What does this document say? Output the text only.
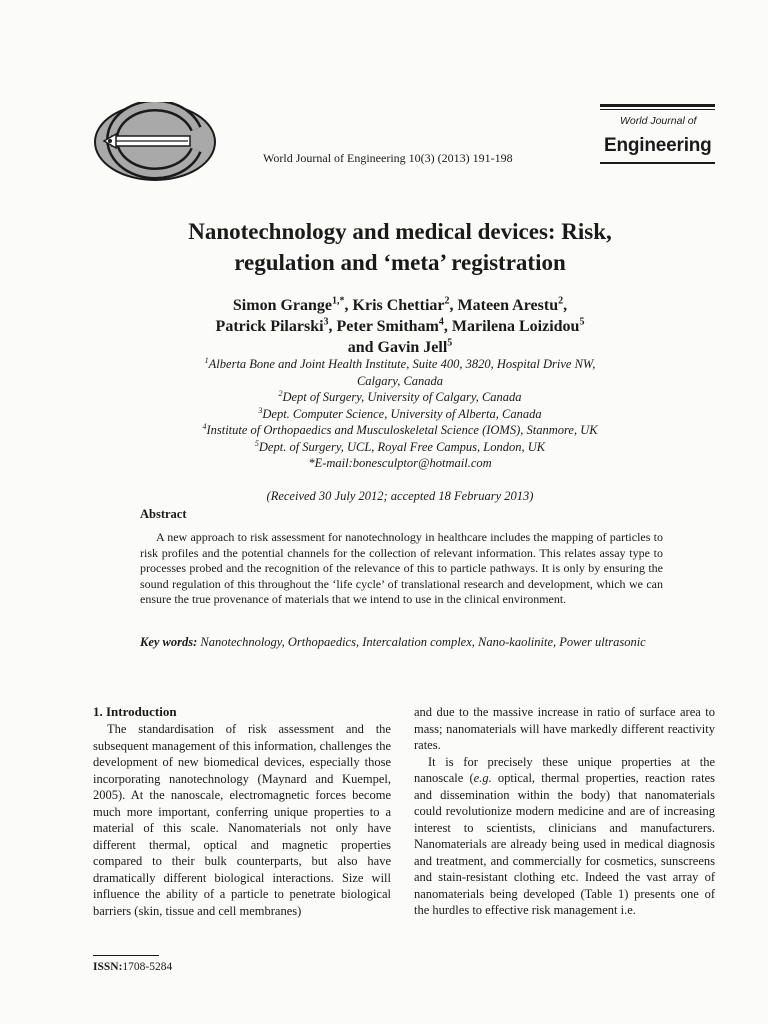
World Journal of Engineering 10(3) (2013) 191-198
World Journal of
Engineering
Nanotechnology and medical devices: Risk,
regulation and ‘meta’ registration
Simon Grange$^{1,*}$, Kris Chettiar$^2$, Mateen Arestu$^2$,
Patrick Pilarski$^3$, Peter Smitham$^4$, Marilena Loizidou$^5$
and Gavin Jell$^5$
$^1$Alberta Bone and Joint Health Institute, Suite 400, 3820, Hospital Drive NW,
Calgary, Canada
$^2$Dept of Surgery, University of Calgary, Canada
$^3$Dept. Computer Science, University of Alberta, Canada
$^4$Institute of Orthopaedics and Musculoskeletal Science (IOMS), Stanmore, UK
$^5$Dept. of Surgery, UCL, Royal Free Campus, London, UK
*E-mail:bonesculptor@hotmail.com
(Received 30 July 2012; accepted 18 February 2013)
Abstract
A new approach to risk assessment for nanotechnology in healthcare includes the mapping of particles to risk profiles and the potential channels for the collection of relevant information. This relates assay type to processes probed and the recognition of the relevance of this to particle pathways. It is only by ensuring the sound regulation of this throughout the ‘life cycle’ of translational research and development, which we can ensure the true provenance of materials that we intend to use in the clinical environment.
Key words: Nanotechnology, Orthopaedics, Intercalation complex, Nano-kaolinite, Power ultrasonic
1. Introduction

The standardisation of risk assessment and the subsequent management of this information, challenges the development of new biomedical devices, especially those incorporating nanotechnology (Maynard and Kuempel, 2005). At the nanoscale, electromagnetic forces become much more important, conferring unique properties to a material of this scale. Nanomaterials not only have different thermal, optical and magnetic properties compared to their bulk counterparts, but also have dramatically different biological interactions. Size will influence the ability of a particle to penetrate biological barriers (skin, tissue and cell membranes)

and due to the massive increase in ratio of surface area to mass; nanomaterials will have markedly different reactivity rates.

It is for precisely these unique properties at the nanoscale (e.g. optical, thermal properties, reaction rates and dissemination within the body) that nanomaterials could revolutionize modern medicine and are of increasing interest to scientists, clinicians and manufacturers. Nanomaterials are already being used in medical diagnosis and treatment, and commercially for cosmetics, sunscreens and stain-resistant clothing etc. Indeed the vast array of nanomaterials being developed (Table 1) presents one of the hurdles to effective risk management i.e.

ISSN:1708-5284
